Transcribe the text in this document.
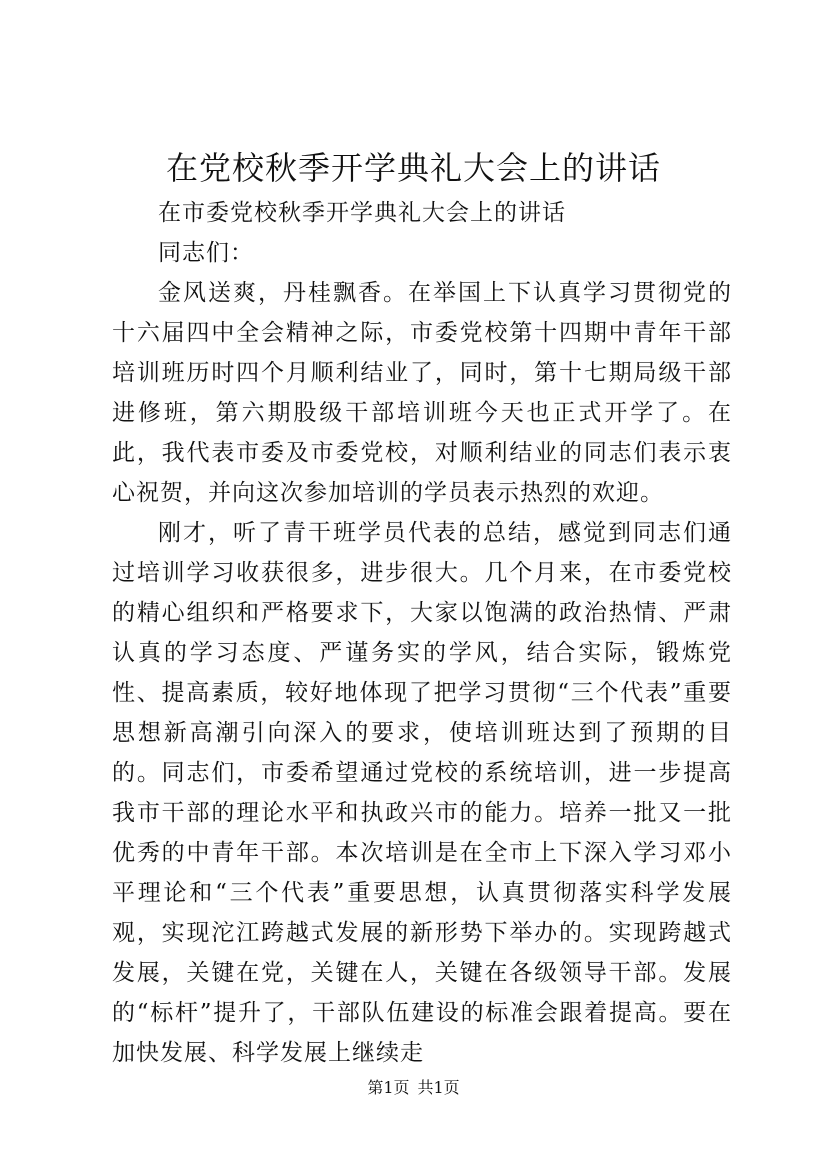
在党校秋季开学典礼大会上的讲话

在市委党校秋季开学典礼大会上的讲话

同志们：

金风送爽，丹桂飘香。在举国上下认真学习贯彻党的十六届四中全会精神之际，市委党校第十四期中青年干部培训班历时四个月顺利结业了，同时，第十七期局级干部进修班，第六期股级干部培训班今天也正式开学了。在此，我代表市委及市委党校，对顺利结业的同志们表示衷心祝贺，并向这次参加培训的学员表示热烈的欢迎。

刚才，听了青干班学员代表的总结，感觉到同志们通过培训学习收获很多，进步很大。几个月来，在市委党校的精心组织和严格要求下，大家以饱满的政治热情、严肃认真的学习态度、严谨务实的学风，结合实际，锻炼党性、提高素质，较好地体现了把学习贯彻“三个代表”重要思想新高潮引向深入的要求，使培训班达到了预期的目的。同志们，市委希望通过党校的系统培训，进一步提高我市干部的理论水平和执政兴市的能力。培养一批又一批优秀的中青年干部。本次培训是在全市上下深入学习邓小平理论和“三个代表”重要思想，认真贯彻落实科学发展观，实现沱江跨越式发展的新形势下举办的。实现跨越式发展，关键在党，关键在人，关键在各级领导干部。发展的“标杆”提升了，干部队伍建设的标准会跟着提高。要在加快发展、科学发展上继续走

第1页 共1页
